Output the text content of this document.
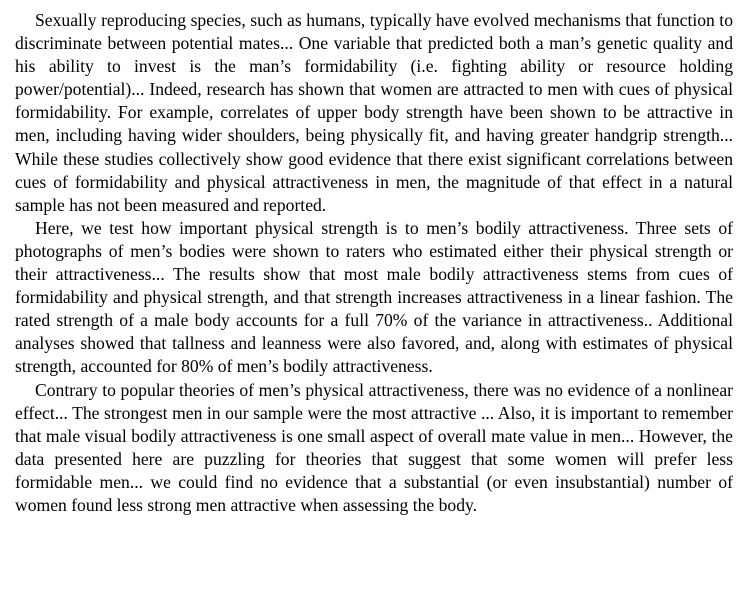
Sexually reproducing species, such as humans, typically have evolved mechanisms that function to discriminate between potential mates... One variable that predicted both a man’s genetic quality and his ability to invest is the man’s formidability (i.e. fighting ability or resource holding power/potential)... Indeed, research has shown that women are attracted to men with cues of physical formidability. For example, correlates of upper body strength have been shown to be attractive in men, including having wider shoulders, being physically fit, and having greater handgrip strength... While these studies collectively show good evidence that there exist significant correlations between cues of formidability and physical attractiveness in men, the magnitude of that effect in a natural sample has not been measured and reported.

Here, we test how important physical strength is to men’s bodily attractiveness. Three sets of photographs of men’s bodies were shown to raters who estimated either their physical strength or their attractiveness... The results show that most male bodily attractiveness stems from cues of formidability and physical strength, and that strength increases attractiveness in a linear fashion. The rated strength of a male body accounts for a full 70% of the variance in attractiveness.. Additional analyses showed that tallness and leanness were also favored, and, along with estimates of physical strength, accounted for 80% of men’s bodily attractiveness.

Contrary to popular theories of men’s physical attractiveness, there was no evidence of a nonlinear effect... The strongest men in our sample were the most attractive ... Also, it is important to remember that male visual bodily attractiveness is one small aspect of overall mate value in men... However, the data presented here are puzzling for theories that suggest that some women will prefer less formidable men... we could find no evidence that a substantial (or even insubstantial) number of women found less strong men attractive when assessing the body.
